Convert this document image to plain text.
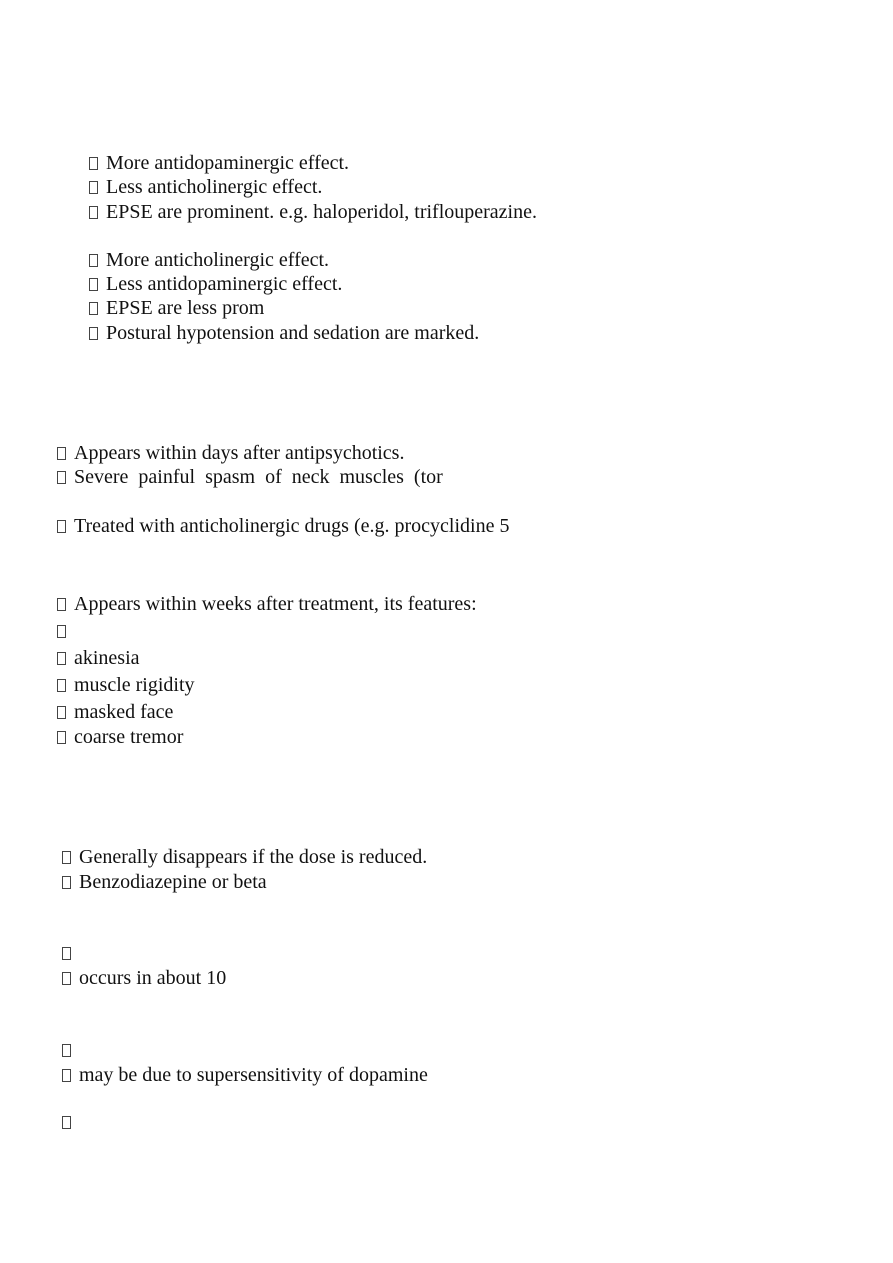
More antidopaminergic effect.
Less anticholinergic effect.
EPSE are prominent. e.g. haloperidol, triflouperazine.
More anticholinergic effect.
Less antidopaminergic effect.
EPSE are less prom
Postural hypotension and sedation are marked.
Appears within days after antipsychotics.
Severe painful spasm of neck muscles (tor
Treated with anticholinergic drugs (e.g. procyclidine 5
Appears within weeks after treatment, its features:
akinesia
muscle rigidity
masked face
coarse tremor
Generally disappears if the dose is reduced.
Benzodiazepine or beta
occurs in about 10
may be due to supersensitivity of dopamine
